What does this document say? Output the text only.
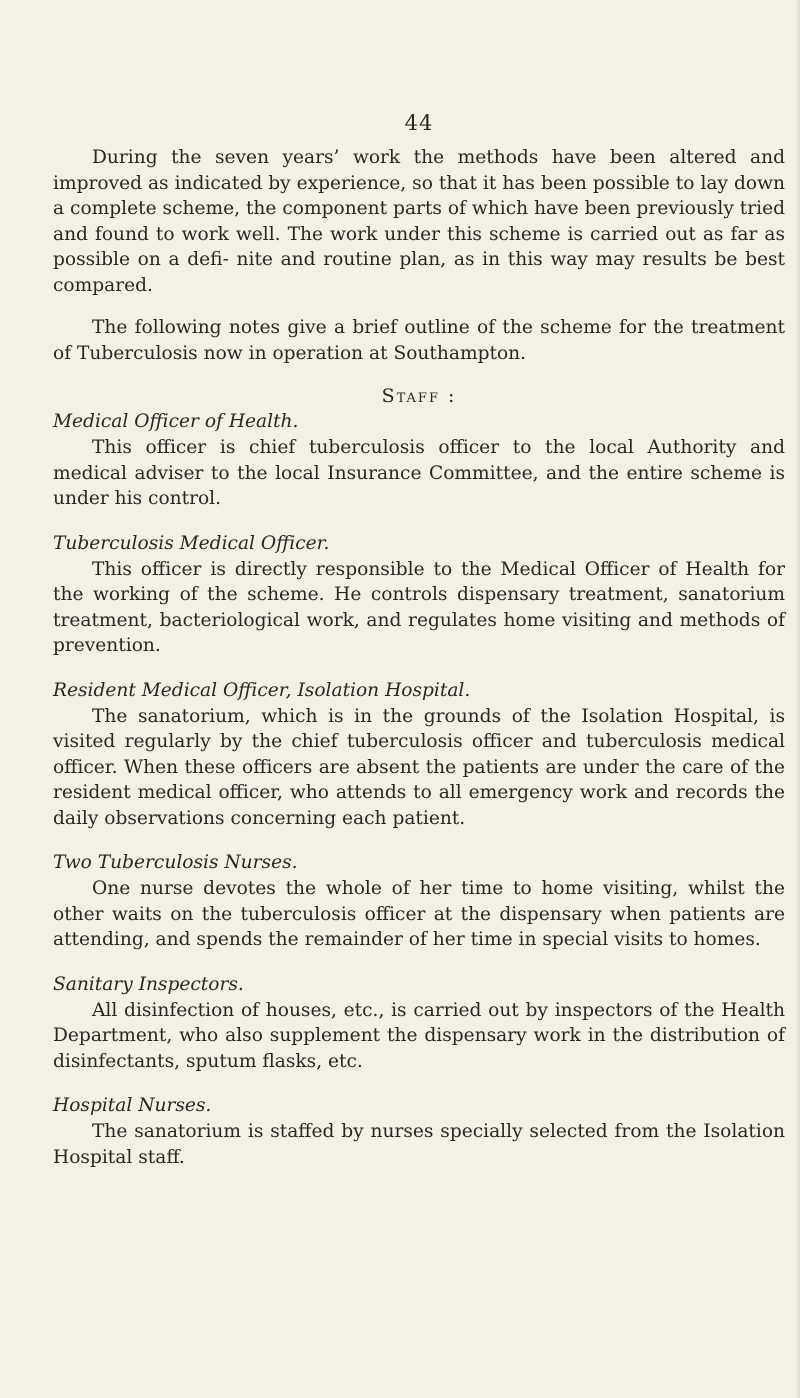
44

During the seven years’ work the methods have been altered and improved as indicated by experience, so that it has been possible to lay down a complete scheme, the component parts of which have been previously tried and found to work well. The work under this scheme is carried out as far as possible on a defi- nite and routine plan, as in this way may results be best compared.

The following notes give a brief outline of the scheme for the treatment of Tuberculosis now in operation at Southampton.

Staff :
Medical Officer of Health.

This officer is chief tuberculosis officer to the local Authority and medical adviser to the local Insurance Committee, and the entire scheme is under his control.

Tuberculosis Medical Officer.

This officer is directly responsible to the Medical Officer of Health for the working of the scheme. He controls dispensary treatment, sanatorium treatment, bacteriological work, and regulates home visiting and methods of prevention.

Resident Medical Officer, Isolation Hospital.

The sanatorium, which is in the grounds of the Isolation Hospital, is visited regularly by the chief tuberculosis officer and tuberculosis medical officer. When these officers are absent the patients are under the care of the resident medical officer, who attends to all emergency work and records the daily observations concerning each patient.

Two Tuberculosis Nurses.

One nurse devotes the whole of her time to home visiting, whilst the other waits on the tuberculosis officer at the dispensary when patients are attending, and spends the remainder of her time in special visits to homes.

Sanitary Inspectors.

All disinfection of houses, etc., is carried out by inspectors of the Health Department, who also supplement the dispensary work in the distribution of disinfectants, sputum flasks, etc.

Hospital Nurses.

The sanatorium is staffed by nurses specially selected from the Isolation Hospital staff.
